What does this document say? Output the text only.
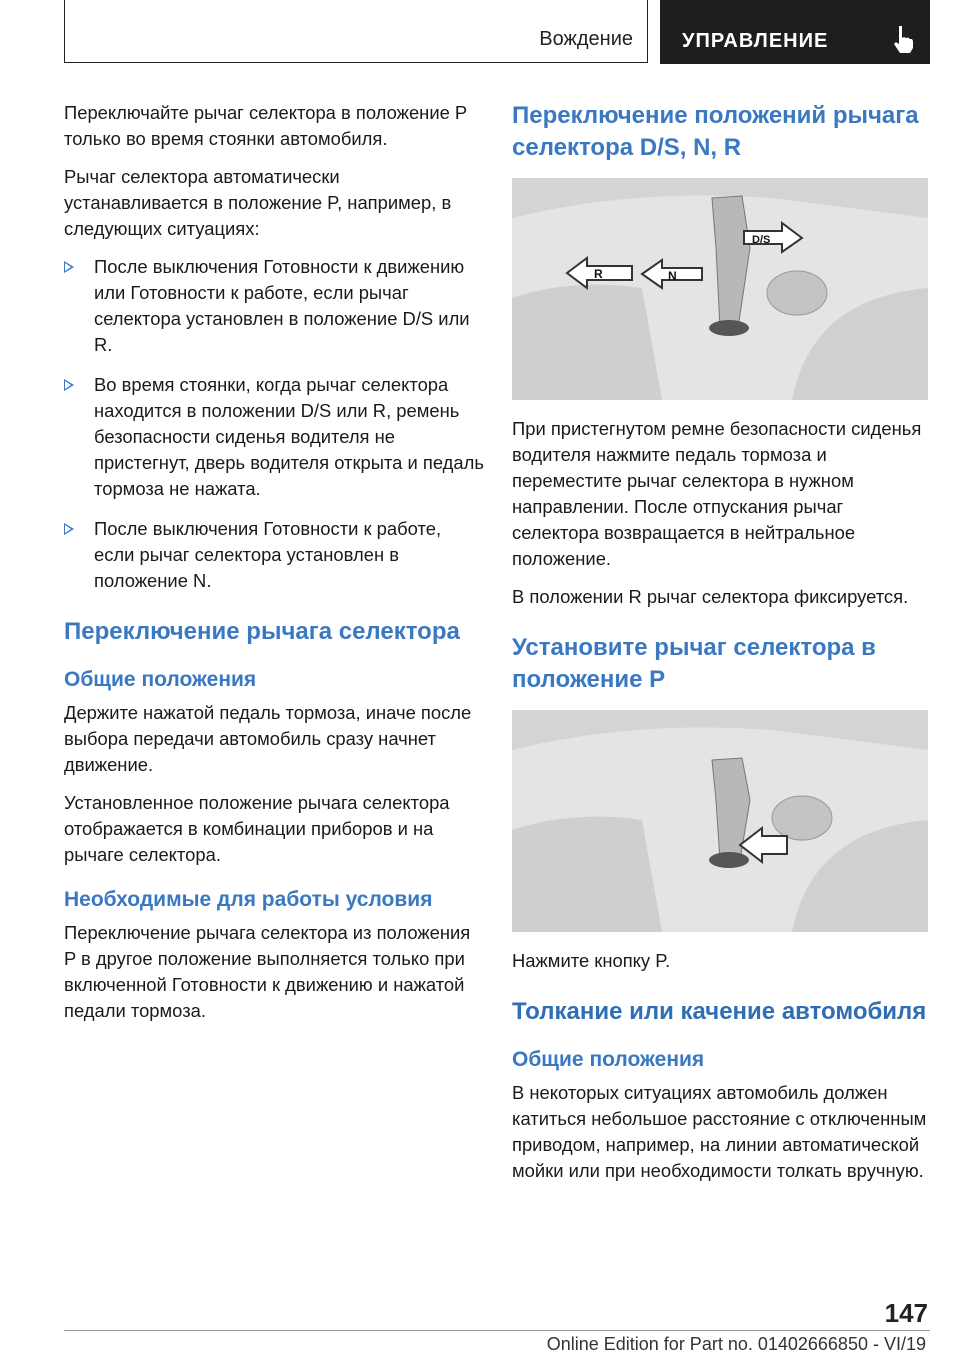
Вождение УПРАВЛЕНИЕ

Переключайте рычаг селектора в положение P только во время стоянки автомобиля.

Рычаг селектора автоматически устанавливается в положение P, например, в следующих ситуациях:

После выключения Готовности к движению или Готовности к работе, если рычаг селектора установлен в положение D/S или R.
Во время стоянки, когда рычаг селектора находится в положении D/S или R, ремень безопасности сиденья водителя не пристегнут, дверь водителя открыта и педаль тормоза не нажата.
После выключения Готовности к работе, если рычаг селектора установлен в положение N.
Переключение рычага селектора
Общие положения

Держите нажатой педаль тормоза, иначе после выбора передачи автомобиль сразу начнет движение.

Установленное положение рычага селектора отображается в комбинации приборов и на рычаге селектора.

Необходимые для работы условия

Переключение рычага селектора из положения P в другое положение выполняется только при включенной Готовности к движению и нажатой педали тормоза.

Переключение положений рычага селектора D/S, N, R
R	N
D/S

При пристегнутом ремне безопасности сиденья водителя нажмите педаль тормоза и переместите рычаг селектора в нужном направлении. После отпускания рычаг селектора возвращается в нейтральное положение.

В положении R рычаг селектора фиксируется.

Установите рычаг селектора в положение P

Нажмите кнопку P.

Толкание или качение автомобиля
Общие положения

В некоторых ситуациях автомобиль должен катиться небольшое расстояние с отключенным приводом, например, на линии автоматической мойки или при необходимости толкать вручную.

147
Online Edition for Part no. 01402666850 - VI/19
